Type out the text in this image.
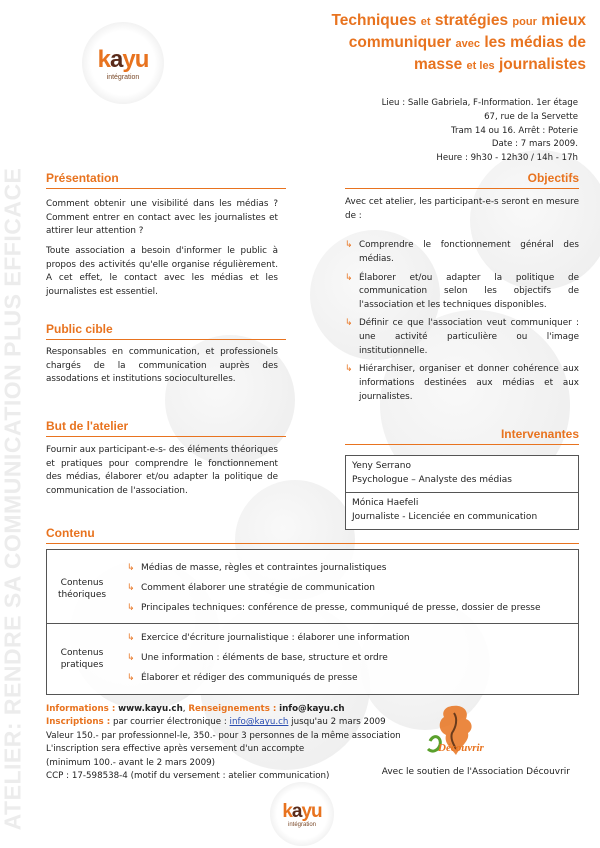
ATELIER: RENDRE SA COMMUNICATION PLUS EFFICACE
kayu
intégration
Techniques et stratégies pour mieux
communiquer avec les médias de
masse et les journalistes
Lieu : Salle Gabriela, F-Information. 1er étage
67, rue de la Servette
Tram 14 ou 16. Arrêt : Poterie
Date : 7 mars 2009.
Heure : 9h30 - 12h30 / 14h - 17h
Présentation

Comment obtenir une visibilité dans les médias ? Comment entrer en contact avec les journalistes et attirer leur attention ?

Toute association a besoin d'informer le public à propos des activités qu'elle organise régulièrement. A cet effet, le contact avec les médias et les journalistes est essentiel.

Public cible

Responsables en communication, et professionels chargés de la communication auprès des assodations et institutions socioculturelles.

But de l'atelier

Fournir aux participant-e-s- des éléments théoriques et pratiques pour comprendre le fonctionnement des médias, élaborer et/ou adapter la politique de communication de l'association.

Objectifs

Avec cet atelier, les participant-e-s seront en mesure de :

↳ Comprendre le fonctionnement général des médias.
↳ Élaborer et/ou adapter la politique de communication selon les objectifs de l'association et les techniques disponibles.
↳ Définir ce que l'association veut communiquer : une activité particulière ou l'image institutionnelle.
↳ Hiérarchiser, organiser et donner cohérence aux informations destinées aux médias et aux journalistes.
Intervenantes
Yeny Serrano
Psychologue – Analyste des médias
Mónica Haefeli
Journaliste - Licenciée en communication
Contenu
Contenus théoriques
↳ Médias de masse, règles et contraintes journalistiques
↳ Comment élaborer une stratégie de communication
↳ Principales techniques: conférence de presse, communiqué de presse, dossier de presse
Contenus pratiques
↳ Exercice d'écriture journalistique : élaborer une information
↳ Une information : éléments de base, structure et ordre
↳ Élaborer et rédiger des communiqués de presse
Informations : www.kayu.ch, Renseignements : info@kayu.ch
Inscriptions : par courrier électronique : info@kayu.ch jusqu'au 2 mars 2009
Valeur 150.- par professionnel-le, 350.- pour 3 personnes de la même association
L'inscription sera effective après versement d'un accompte
(minimum 100.- avant le 2 mars 2009)
CCP : 17-598538-4 (motif du versement : atelier communication)
Découvrir
Avec le soutien de l'Association Découvrir
kayu
intégration
